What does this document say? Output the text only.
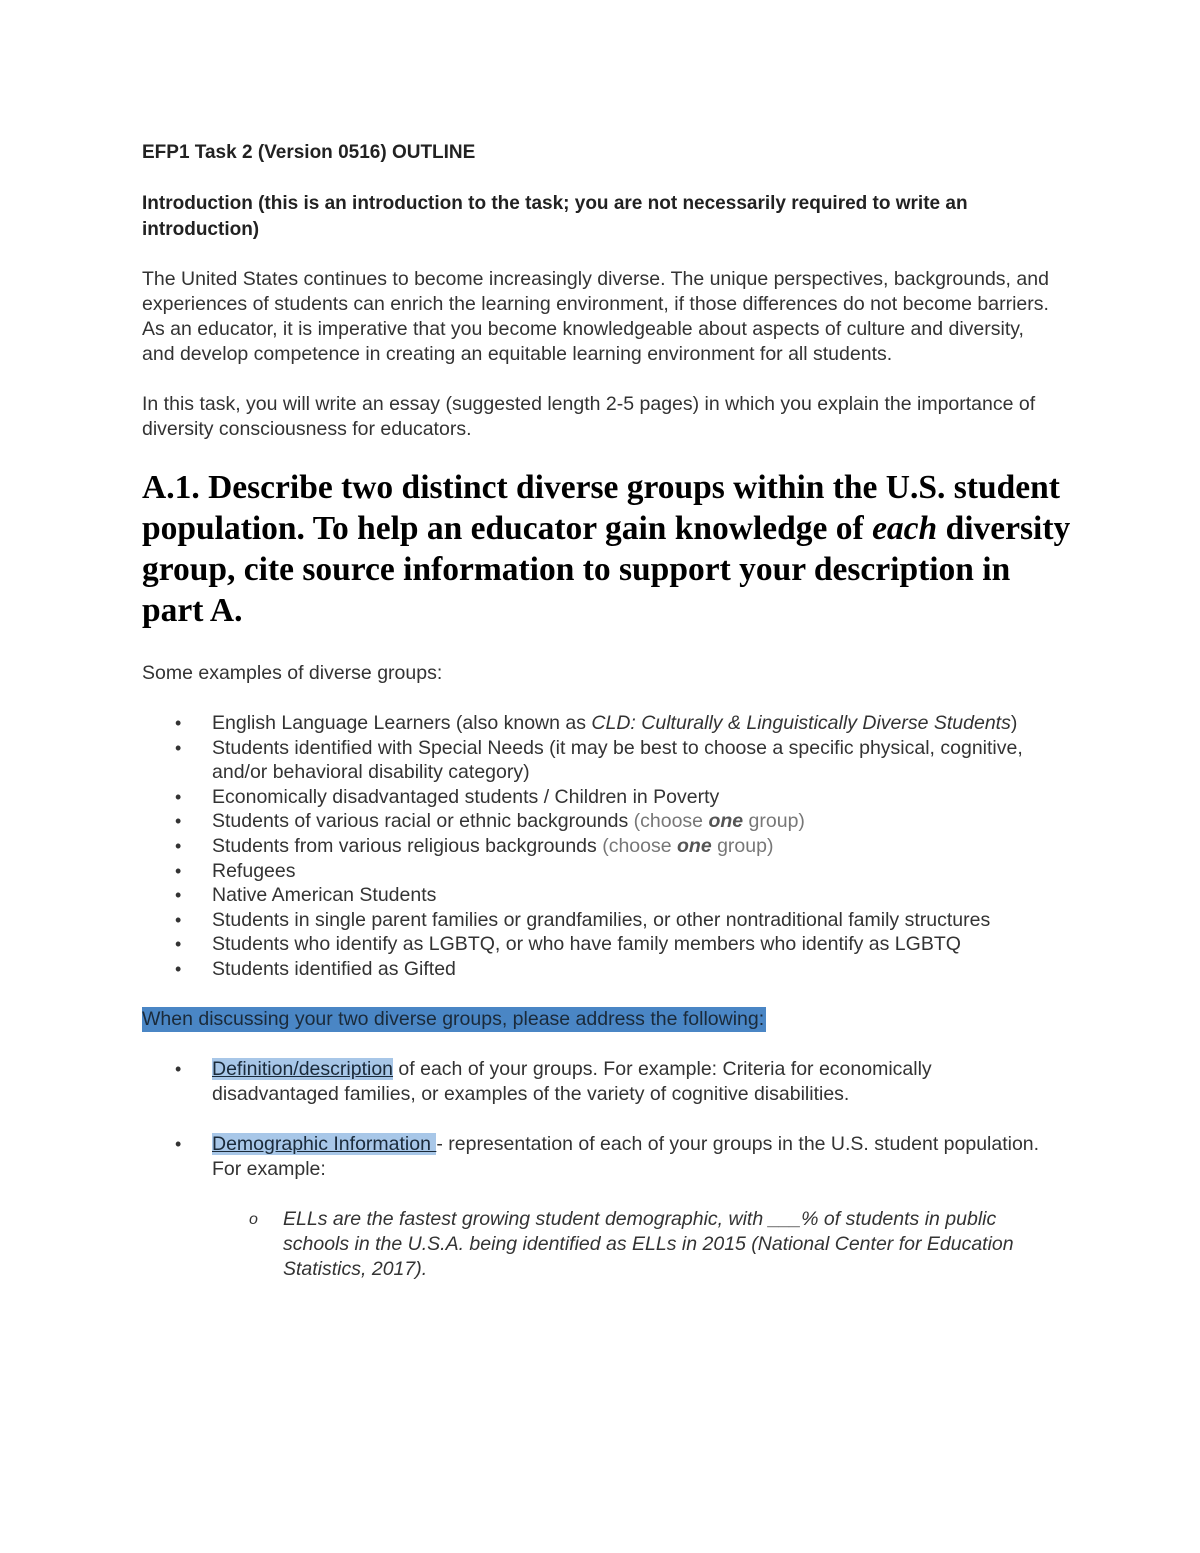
EFP1 Task 2 (Version 0516) OUTLINE
Introduction (this is an introduction to the task; you are not necessarily required to write an introduction)

The United States continues to become increasingly diverse. The unique perspectives, backgrounds, and experiences of students can enrich the learning environment, if those differences do not become barriers. As an educator, it is imperative that you become knowledgeable about aspects of culture and diversity, and develop competence in creating an equitable learning environment for all students.

In this task, you will write an essay (suggested length 2-5 pages) in which you explain the importance of diversity consciousness for educators.

A.1. Describe two distinct diverse groups within the U.S. student population. To help an educator gain knowledge of each diversity group, cite source information to support your description in part A.
Some examples of diverse groups:
• English Language Learners (also known as CLD: Culturally & Linguistically Diverse Students)
• Students identified with Special Needs (it may be best to choose a specific physical, cognitive, and/or behavioral disability category)
• Economically disadvantaged students / Children in Poverty
• Students of various racial or ethnic backgrounds (choose one group)
• Students from various religious backgrounds (choose one group)
• Refugees
• Native American Students
• Students in single parent families or grandfamilies, or other nontraditional family structures
• Students who identify as LGBTQ, or who have family members who identify as LGBTQ
• Students identified as Gifted
When discussing your two diverse groups, please address the following:
• Definition/description of each of your groups. For example: Criteria for economically disadvantaged families, or examples of the variety of cognitive disabilities.
• Demographic Information - representation of each of your groups in the U.S. student population. For example:
o ELLs are the fastest growing student demographic, with ___% of students in public schools in the U.S.A. being identified as ELLs in 2015 (National Center for Education Statistics, 2017).
